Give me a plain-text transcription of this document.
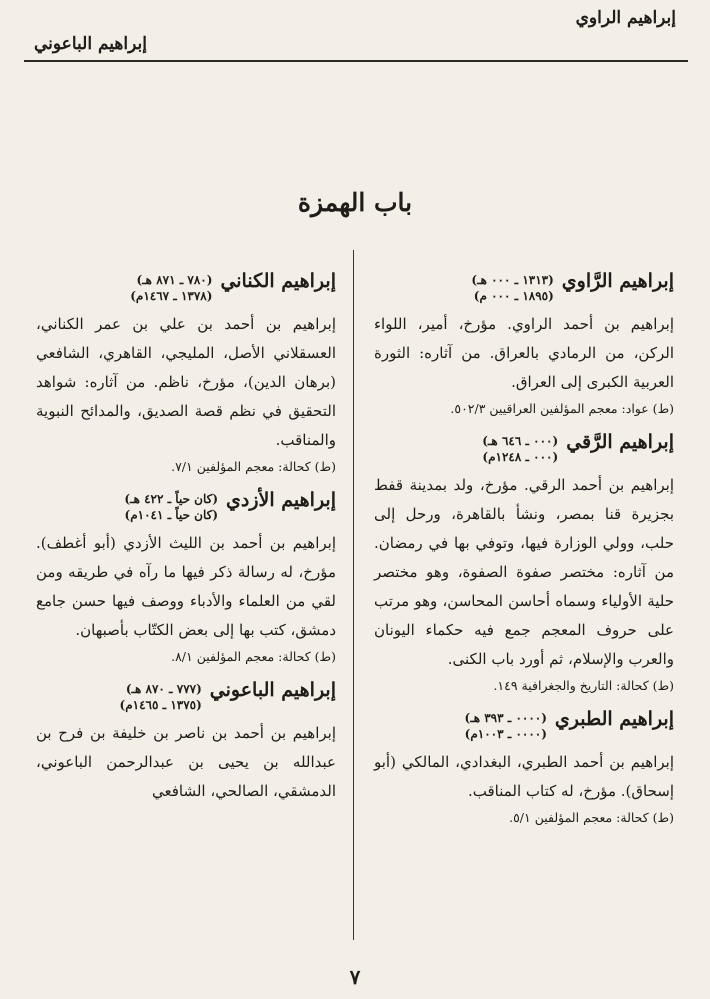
إبراهيم الراوي
إبراهيم الباعوني
باب الهمزة
إبراهيم الرَّاوي
(١٣١٣ ـ ٠٠٠ هـ)
(١٨٩٥ ـ ٠٠٠ م)
إبراهيم بن أحمد الراوي. مؤرخ، أمير، اللواء الركن، من الرمادي بالعراق. من آثاره: الثورة العربية الكبرى إلى العراق.
(ط) عواد: معجم المؤلفين العراقيين ٥٠٢/٣.
إبراهيم الرَّقي
(٠٠٠ ـ ٦٤٦ هـ)
(٠٠٠ ـ ١٢٤٨م)
إبراهيم بن أحمد الرقي. مؤرخ، ولد بمدينة قفط بجزيرة قنا بمصر، ونشأ بالقاهرة، ورحل إلى حلب، وولي الوزارة فيها، وتوفي بها في رمضان. من آثاره: مختصر صفوة الصفوة، وهو مختصر حلية الأولياء وسماه أحاسن المحاسن، وهو مرتب على حروف المعجم جمع فيه حكماء اليونان والعرب والإسلام، ثم أورد باب الكنى.
(ط) كحالة: التاريخ والجغرافية ١٤٩.
إبراهيم الطبري
(٠٠٠٠ ـ ٣٩٣ هـ)
(٠٠٠٠ ـ ١٠٠٣م)
إبراهيم بن أحمد الطبري، البغدادي، المالكي (أبو إسحاق). مؤرخ، له كتاب المناقب.
(ط) كحالة: معجم المؤلفين ٥/١.
إبراهيم الكناني
(٧٨٠ ـ ٨٧١ هـ)
(١٣٧٨ ـ ١٤٦٧م)
إبراهيم بن أحمد بن علي بن عمر الكناني، العسقلاني الأصل، المليجي، القاهري، الشافعي (برهان الدين)، مؤرخ، ناظم. من آثاره: شواهد التحقيق في نظم قصة الصديق، والمدائح النبوية والمناقب.
(ط) كحالة: معجم المؤلفين ٧/١.
إبراهيم الأزدي
(كان حياً ـ ٤٢٢ هـ)
(كان حياً ـ ١٠٤١م)
إبراهيم بن أحمد بن الليث الأزدي (أبو أغطف). مؤرخ، له رسالة ذكر فيها ما رآه في طريقه ومن لقي من العلماء والأدباء ووصف فيها حسن جامع دمشق، كتب بها إلى بعض الكتّاب بأصبهان.
(ط) كحالة: معجم المؤلفين ٨/١.
إبراهيم الباعوني
(٧٧٧ ـ ٨٧٠ هـ)
(١٣٧٥ ـ ١٤٦٥م)
إبراهيم بن أحمد بن ناصر بن خليفة بن فرح بن عبدالله بن يحيى بن عبدالرحمن الباعوني، الدمشقي، الصالحي، الشافعي
٧
